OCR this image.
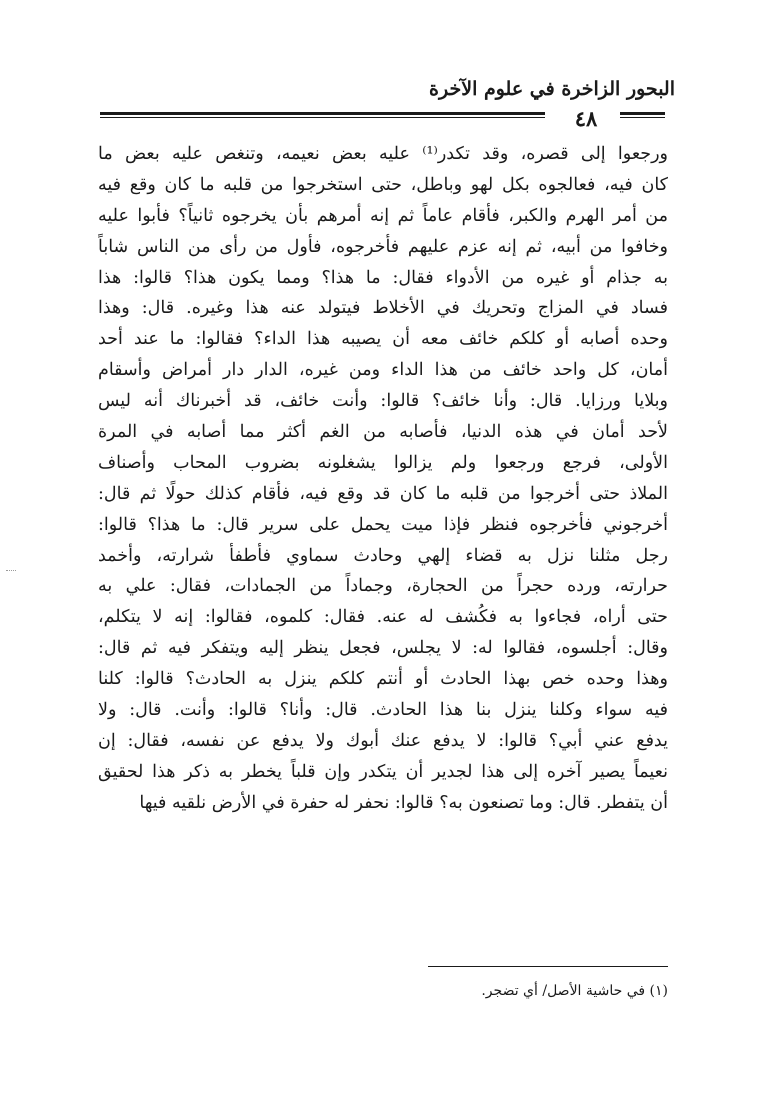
البحور الزاخرة في علوم الآخرة
٤٨
ورجعوا إلى قصره، وقد تكدر⁽¹⁾ عليه بعض نعيمه، وتنغص عليه بعض ما
كان فيه، فعالجوه بكل لهو وباطل، حتى استخرجوا من قلبه ما كان وقع فيه
من أمر الهرم والكبر، فأقام عاماً ثم إنه أمرهم بأن يخرجوه ثانياً؟ فأبوا عليه
وخافوا من أبيه، ثم إنه عزم عليهم فأخرجوه، فأول من رأى من الناس شاباً
به جذام أو غيره من الأدواء فقال: ما هذا؟ ومما يكون هذا؟ قالوا: هذا
فساد في المزاج وتحريك في الأخلاط فيتولد عنه هذا وغيره. قال: وهذا
وحده أصابه أو كلكم خائف معه أن يصيبه هذا الداء؟ فقالوا: ما عند أحد
أمان، كل واحد خائف من هذا الداء ومن غيره، الدار دار أمراض وأسقام
وبلايا ورزايا. قال: وأنا خائف؟ قالوا: وأنت خائف، قد أخبرناك أنه ليس
لأحد أمان في هذه الدنيا، فأصابه من الغم أكثر مما أصابه في المرة
الأولى، فرجع ورجعوا ولم يزالوا يشغلونه بضروب المحاب وأصناف
الملاذ حتى أخرجوا من قلبه ما كان قد وقع فيه، فأقام كذلك حولًا ثم قال:
أخرجوني فأخرجوه فنظر فإذا ميت يحمل على سرير قال: ما هذا؟ قالوا:
رجل مثلنا نزل به قضاء إلهي وحادث سماوي فأطفأ شرارته، وأخمد
حرارته، ورده حجراً من الحجارة، وجماداً من الجمادات، فقال: علي به
حتى أراه، فجاءوا به فكُشف له عنه. فقال: كلموه، فقالوا: إنه لا يتكلم،
وقال: أجلسوه، فقالوا له: لا يجلس، فجعل ينظر إليه ويتفكر فيه ثم قال:
وهذا وحده خص بهذا الحادث أو أنتم كلكم ينزل به الحادث؟ قالوا: كلنا
فيه سواء وكلنا ينزل بنا هذا الحادث. قال: وأنا؟ قالوا: وأنت. قال: ولا
يدفع عني أبي؟ قالوا: لا يدفع عنك أبوك ولا يدفع عن نفسه، فقال: إن
نعيماً يصير آخره إلى هذا لجدير أن يتكدر وإن قلباً يخطر به ذكر هذا لحقيق
أن يتفطر. قال: وما تصنعون به؟ قالوا: نحفر له حفرة في الأرض نلقيه فيها
(١) في حاشية الأصل/ أي تضجر.
